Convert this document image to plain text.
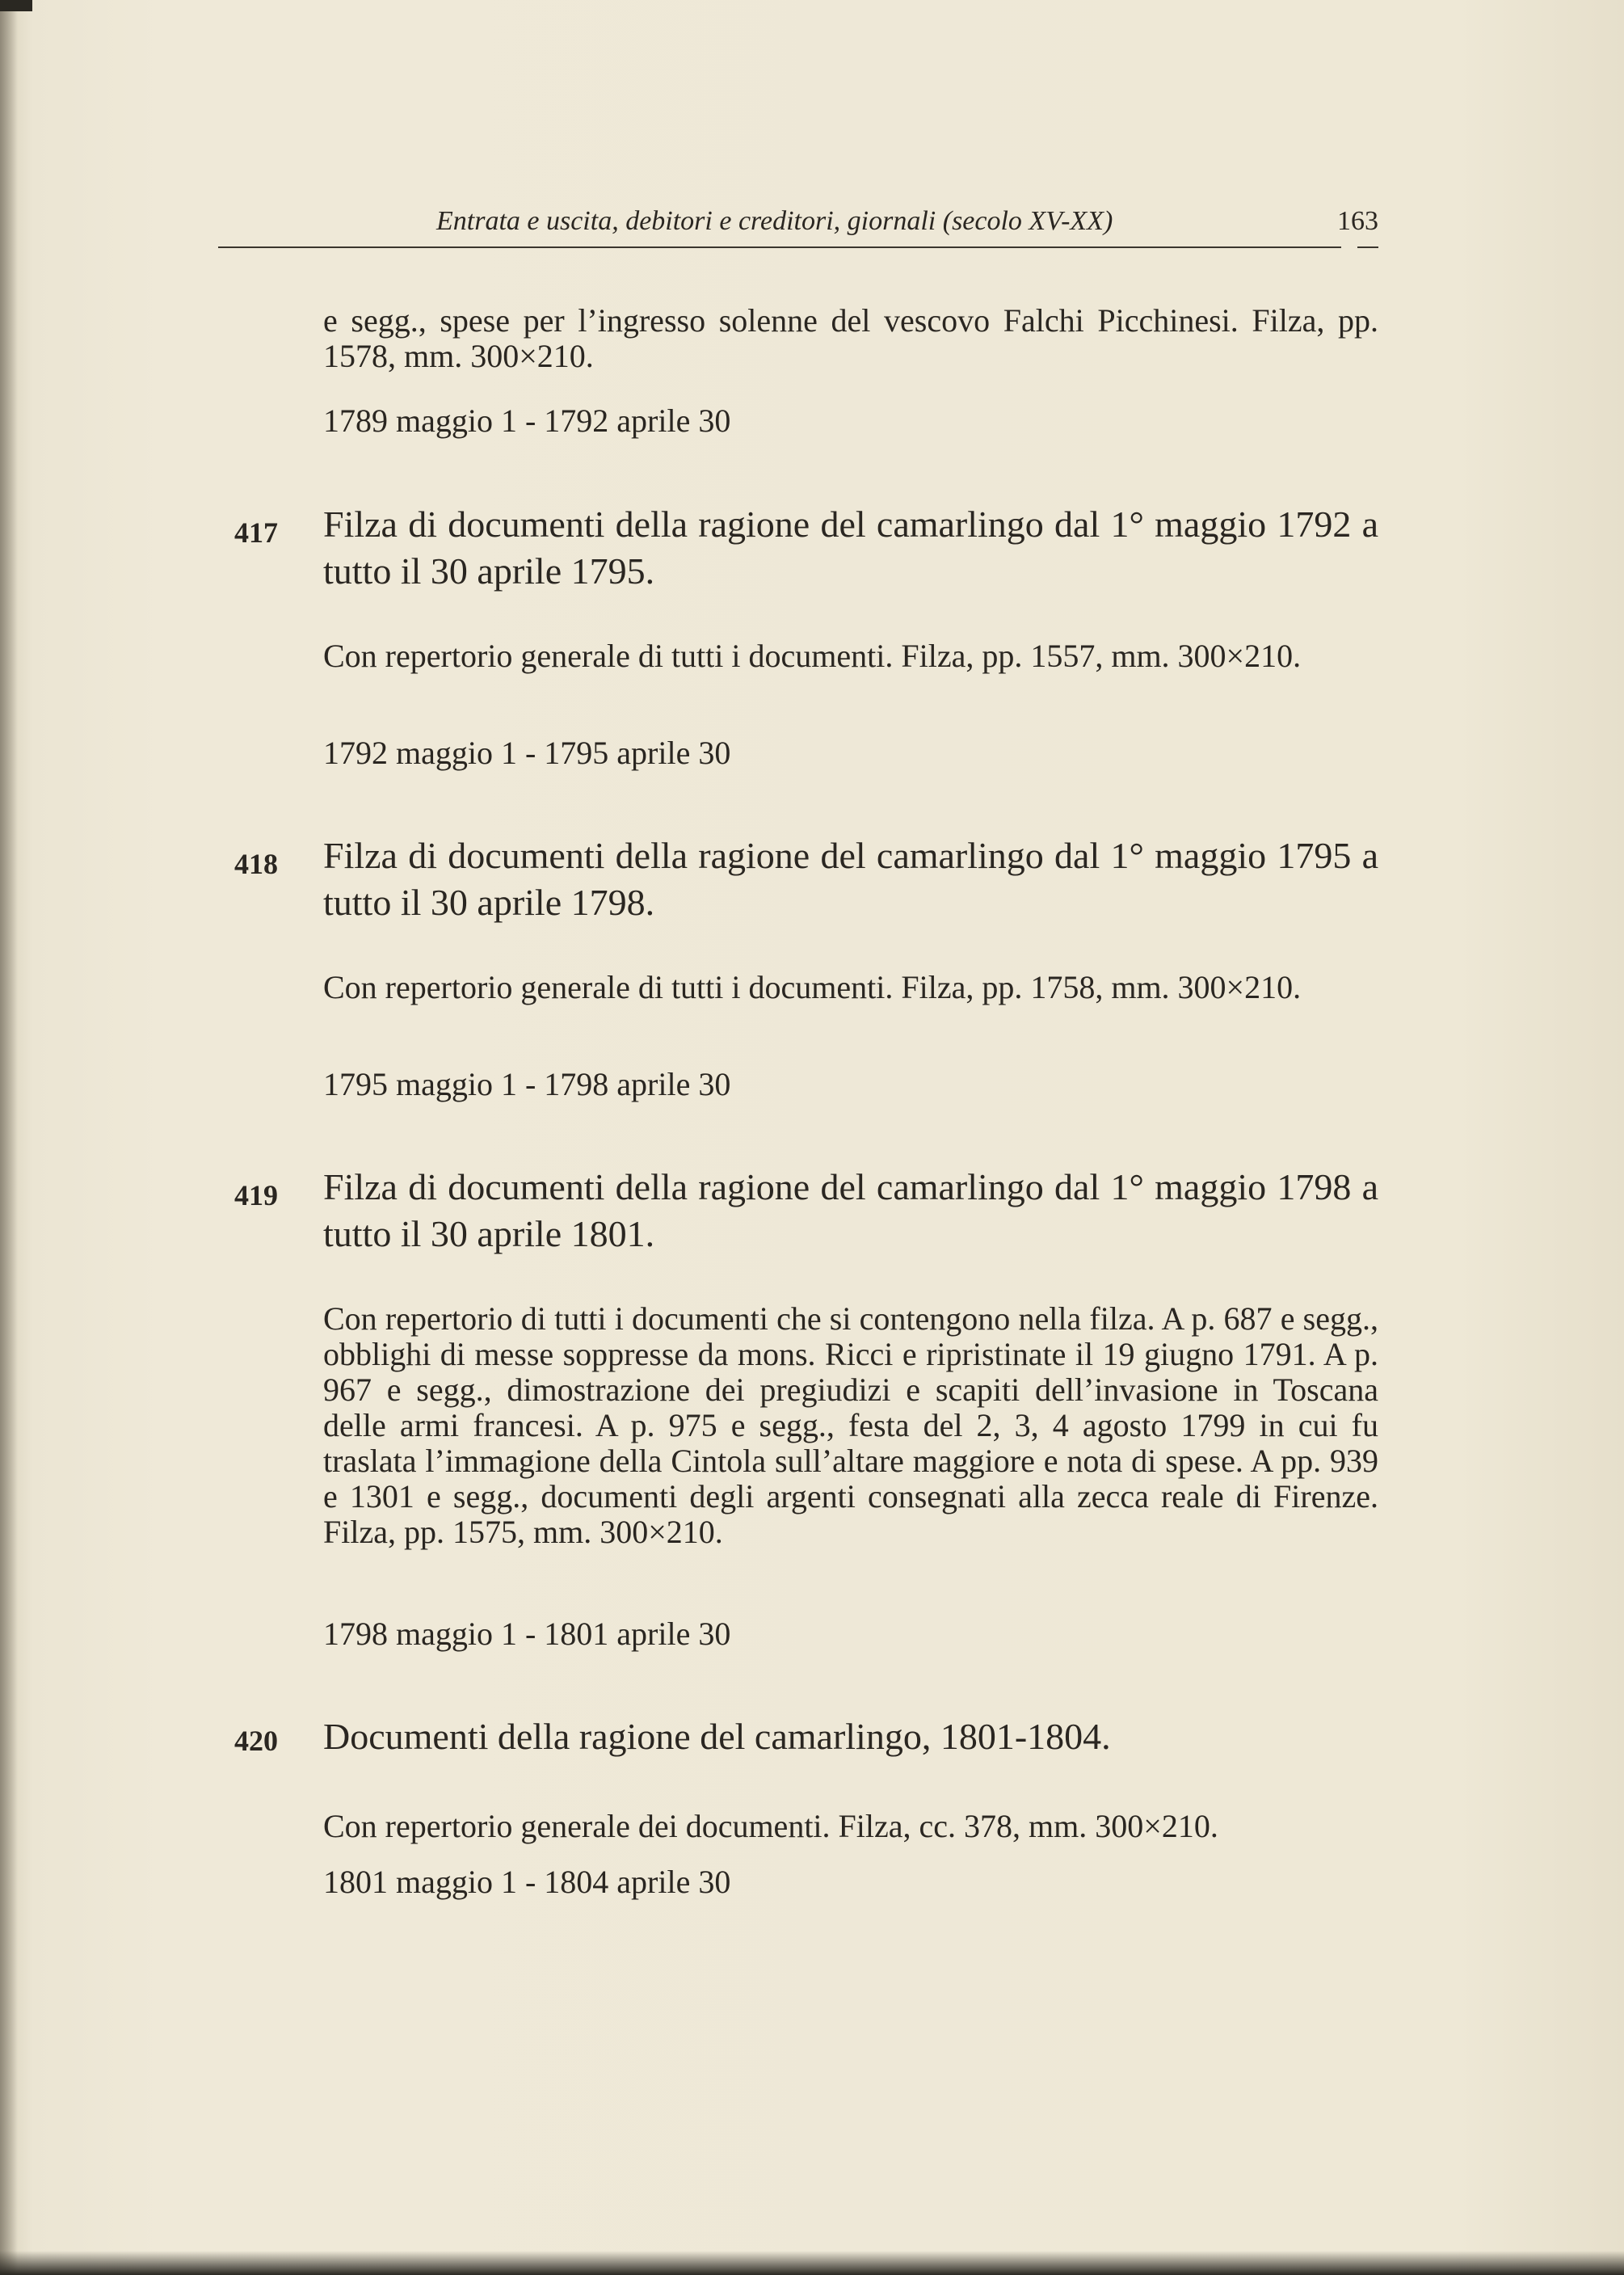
Entrata e uscita, debitori e creditori, giornali (secolo XV-XX)	163
e segg., spese per l’ingresso solenne del vescovo Falchi Picchinesi. Filza, pp. 1578, mm. 300×210.
1789 maggio 1 - 1792 aprile 30
417 Filza di documenti della ragione del camarlingo dal 1° maggio 1792 a tutto il 30 aprile 1795.
Con repertorio generale di tutti i documenti. Filza, pp. 1557, mm. 300×210.
1792 maggio 1 - 1795 aprile 30
418 Filza di documenti della ragione del camarlingo dal 1° maggio 1795 a tutto il 30 aprile 1798.
Con repertorio generale di tutti i documenti. Filza, pp. 1758, mm. 300×210.
1795 maggio 1 - 1798 aprile 30
419 Filza di documenti della ragione del camarlingo dal 1° maggio 1798 a tutto il 30 aprile 1801.
Con repertorio di tutti i documenti che si contengono nella filza. A p. 687 e segg., obblighi di messe soppresse da mons. Ricci e ripristinate il 19 giugno 1791. A p. 967 e segg., dimostrazione dei pregiudizi e scapiti dell’invasione in Toscana delle armi francesi. A p. 975 e segg., festa del 2, 3, 4 agosto 1799 in cui fu traslata l’immagione della Cintola sull’altare maggiore e nota di spese. A pp. 939 e 1301 e segg., documenti degli argenti consegnati alla zecca reale di Firenze. Filza, pp. 1575, mm. 300×210.
1798 maggio 1 - 1801 aprile 30
420 Documenti della ragione del camarlingo, 1801-1804.
Con repertorio generale dei documenti. Filza, cc. 378, mm. 300×210.
1801 maggio 1 - 1804 aprile 30
